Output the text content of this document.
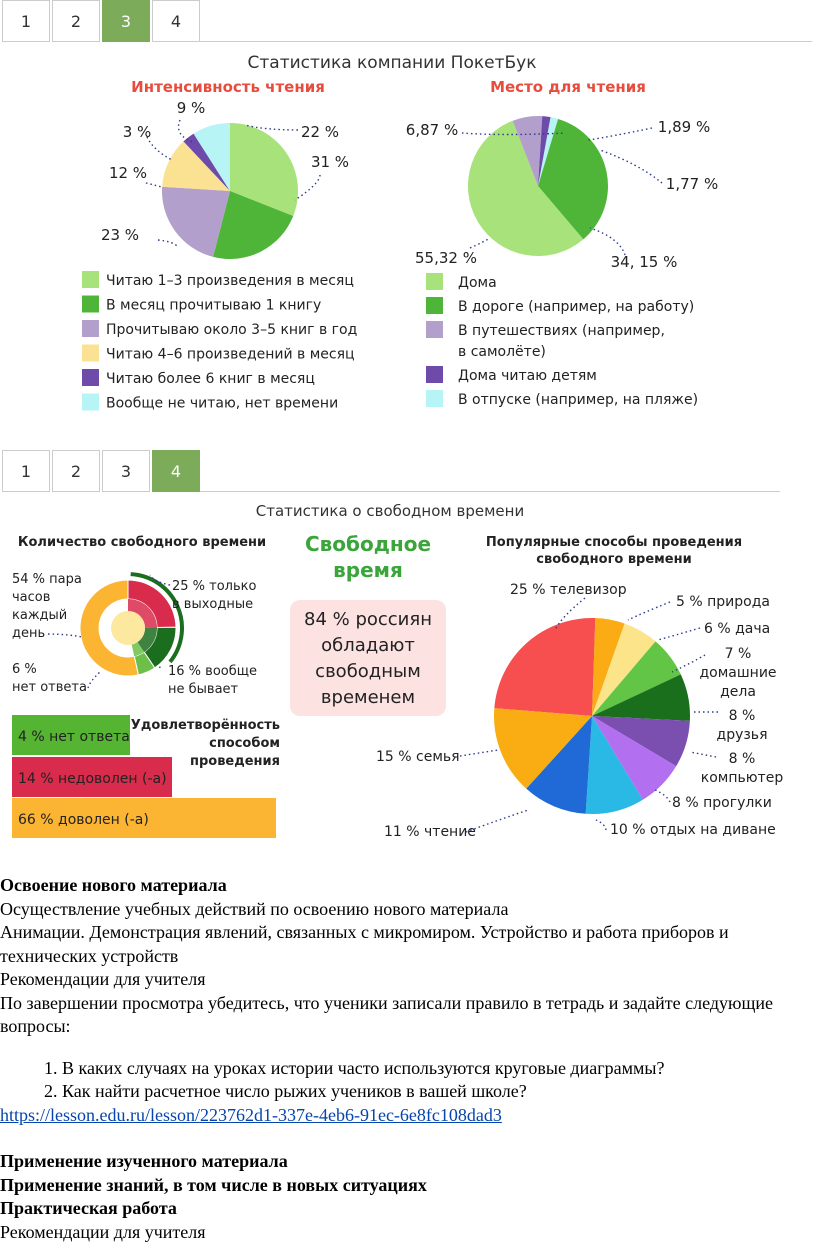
1	2	3	4
Статистика компании ПокетБук
Интенсивность чтения	Место для чтения
31 %
23 %
22 %
12 %
3 %
9 %
55,32 %	34, 15 %
6,87 %	1,89 %
1,77 %
Читаю 1–3 произведения в месяц
В месяц прочитываю 1 книгу
Прочитываю около 3–5 книг в год
Читаю 4–6 произведений в месяц
Читаю более 6 книг в месяц
Вообще не читаю, нет времени
Дома
В дороге (например, на работу)
В путешествиях (например,
в самолёте)
Дома читаю детям
В отпуске (например, на пляже)
1	2	3	4
Статистика о свободном времени
Количество свободного времени Свободное
время
84 % россиян
обладают
свободным
временем
Популярные способы проведения
свободного времени
54 % пара
часов
каждый
день
25 % только
в выходные
16 % вообще
не бывает
6 %
нет ответа
4 % нет ответа
14 % недоволен (-а)
66 % доволен (-а)
Удовлетворённость
способом
проведения
25 % телевизор
5 % природа
6 % дача
7 %
домашние
дела
8 %
друзья
8 %
компьютер
8 % прогулки
10 % отдых на диване
11 % чтение
15 % семья

Освоение нового материала

Осуществление учебных действий по освоению нового материала

Анимации. Демонстрация явлений, связанных с микромиром. Устройство и работа приборов и технических устройств

Рекомендации для учителя

По завершении просмотра убедитесь, что ученики записали правило в тетрадь и задайте следующие вопросы:

1. В каких случаях на уроках истории часто используются круговые диаграммы?
2. Как найти расчетное число рыжих учеников в вашей школе?

https://lesson.edu.ru/lesson/223762d1-337e-4eb6-91ec-6e8fc108dad3

Применение изученного материала

Применение знаний, в том числе в новых ситуациях

Практическая работа

Рекомендации для учителя
